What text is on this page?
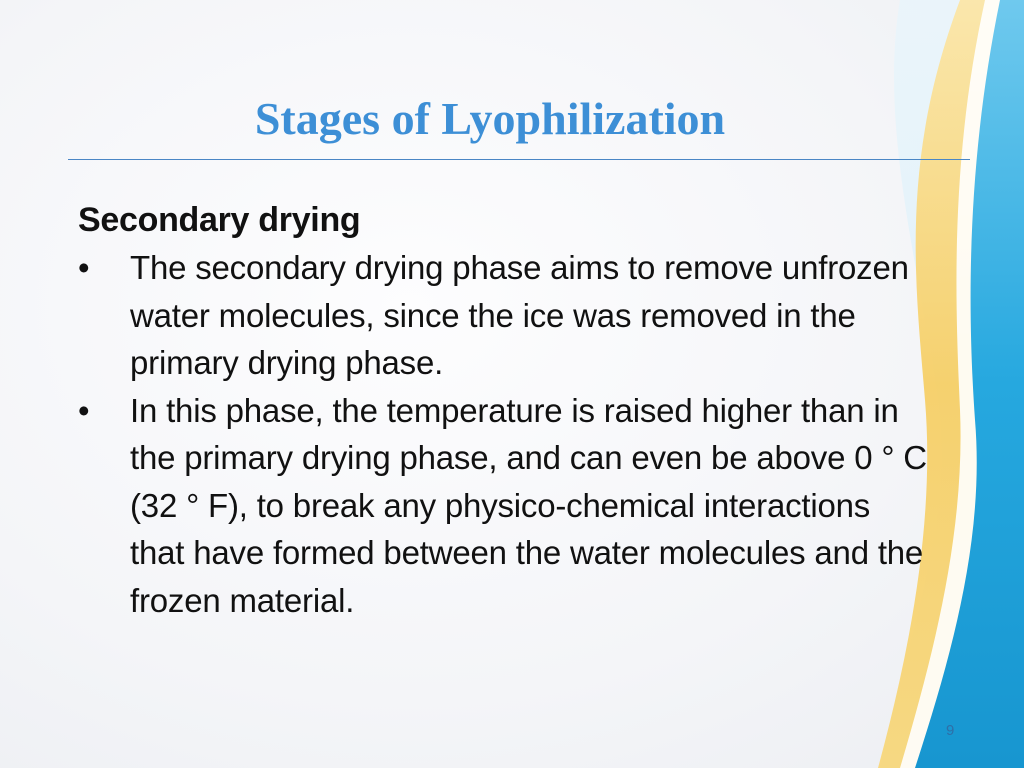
Stages of Lyophilization

Secondary drying

•	The secondary drying phase aims to remove unfrozen water molecules, since the ice was removed in the primary drying phase.
•	In this phase, the temperature is raised higher than in the primary drying phase, and can even be above 0 ° C (32 ° F), to break any physico-chemical interactions that have formed between the water molecules and the frozen material.
9
